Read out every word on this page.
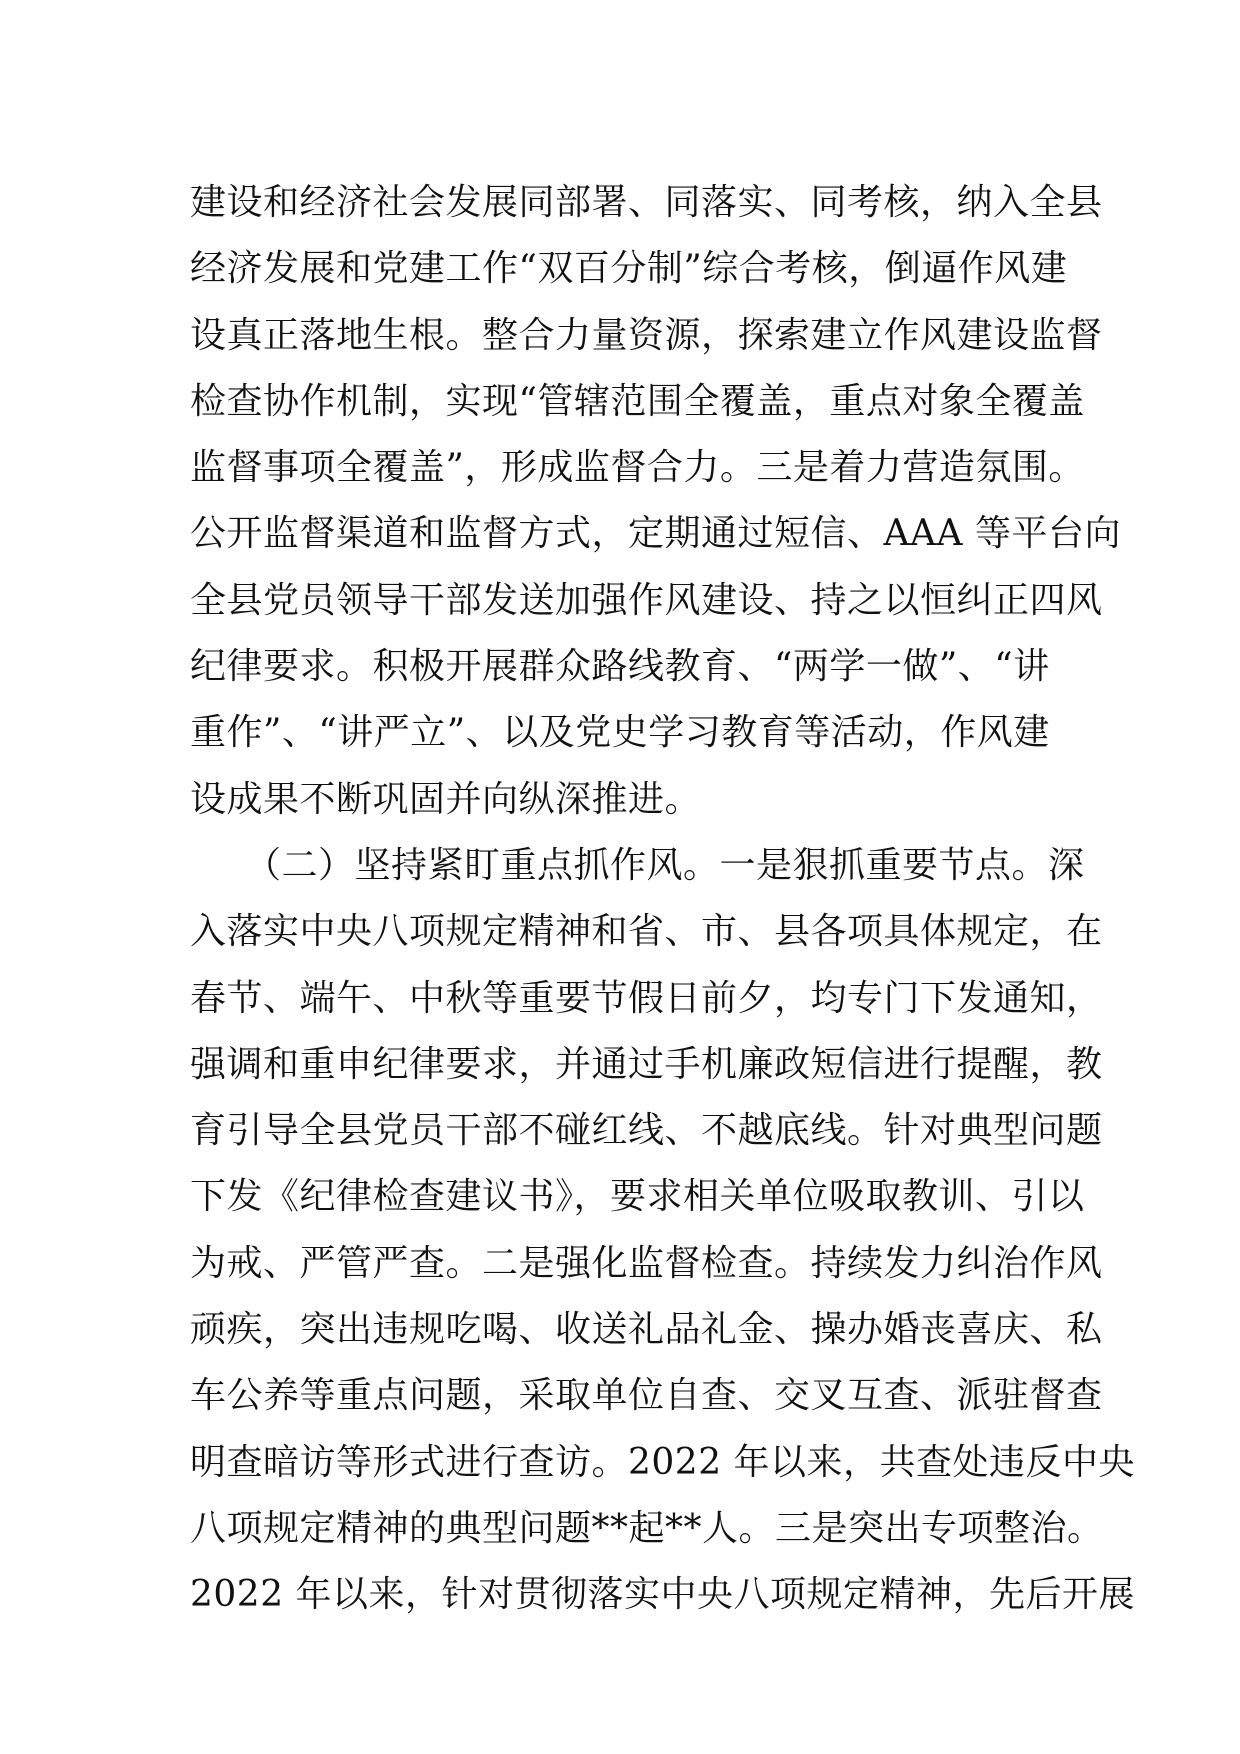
建设和经济社会发展同部署、同落实、同考核，纳入全县
经济发展和党建工作“双百分制”综合考核，倒逼作风建
设真正落地生根。整合力量资源，探索建立作风建设监督
检查协作机制，实现“管辖范围全覆盖，重点对象全覆盖
监督事项全覆盖”，形成监督合力。三是着力营造氛围。
公开监督渠道和监督方式，定期通过短信、AAA 等平台向
全县党员领导干部发送加强作风建设、持之以恒纠正四风
纪律要求。积极开展群众路线教育、“两学一做”、“讲
重作”、“讲严立”、以及党史学习教育等活动，作风建
设成果不断巩固并向纵深推进。
　　（二）坚持紧盯重点抓作风。一是狠抓重要节点。深
入落实中央八项规定精神和省、市、县各项具体规定，在
春节、端午、中秋等重要节假日前夕，均专门下发通知，
强调和重申纪律要求，并通过手机廉政短信进行提醒，教
育引导全县党员干部不碰红线、不越底线。针对典型问题
下发《纪律检查建议书》，要求相关单位吸取教训、引以
为戒、严管严查。二是强化监督检查。持续发力纠治作风
顽疾，突出违规吃喝、收送礼品礼金、操办婚丧喜庆、私
车公养等重点问题，采取单位自查、交叉互查、派驻督查
明查暗访等形式进行查访。2022 年以来，共查处违反中央
八项规定精神的典型问题**起**人。三是突出专项整治。
2022 年以来，针对贯彻落实中央八项规定精神，先后开展
